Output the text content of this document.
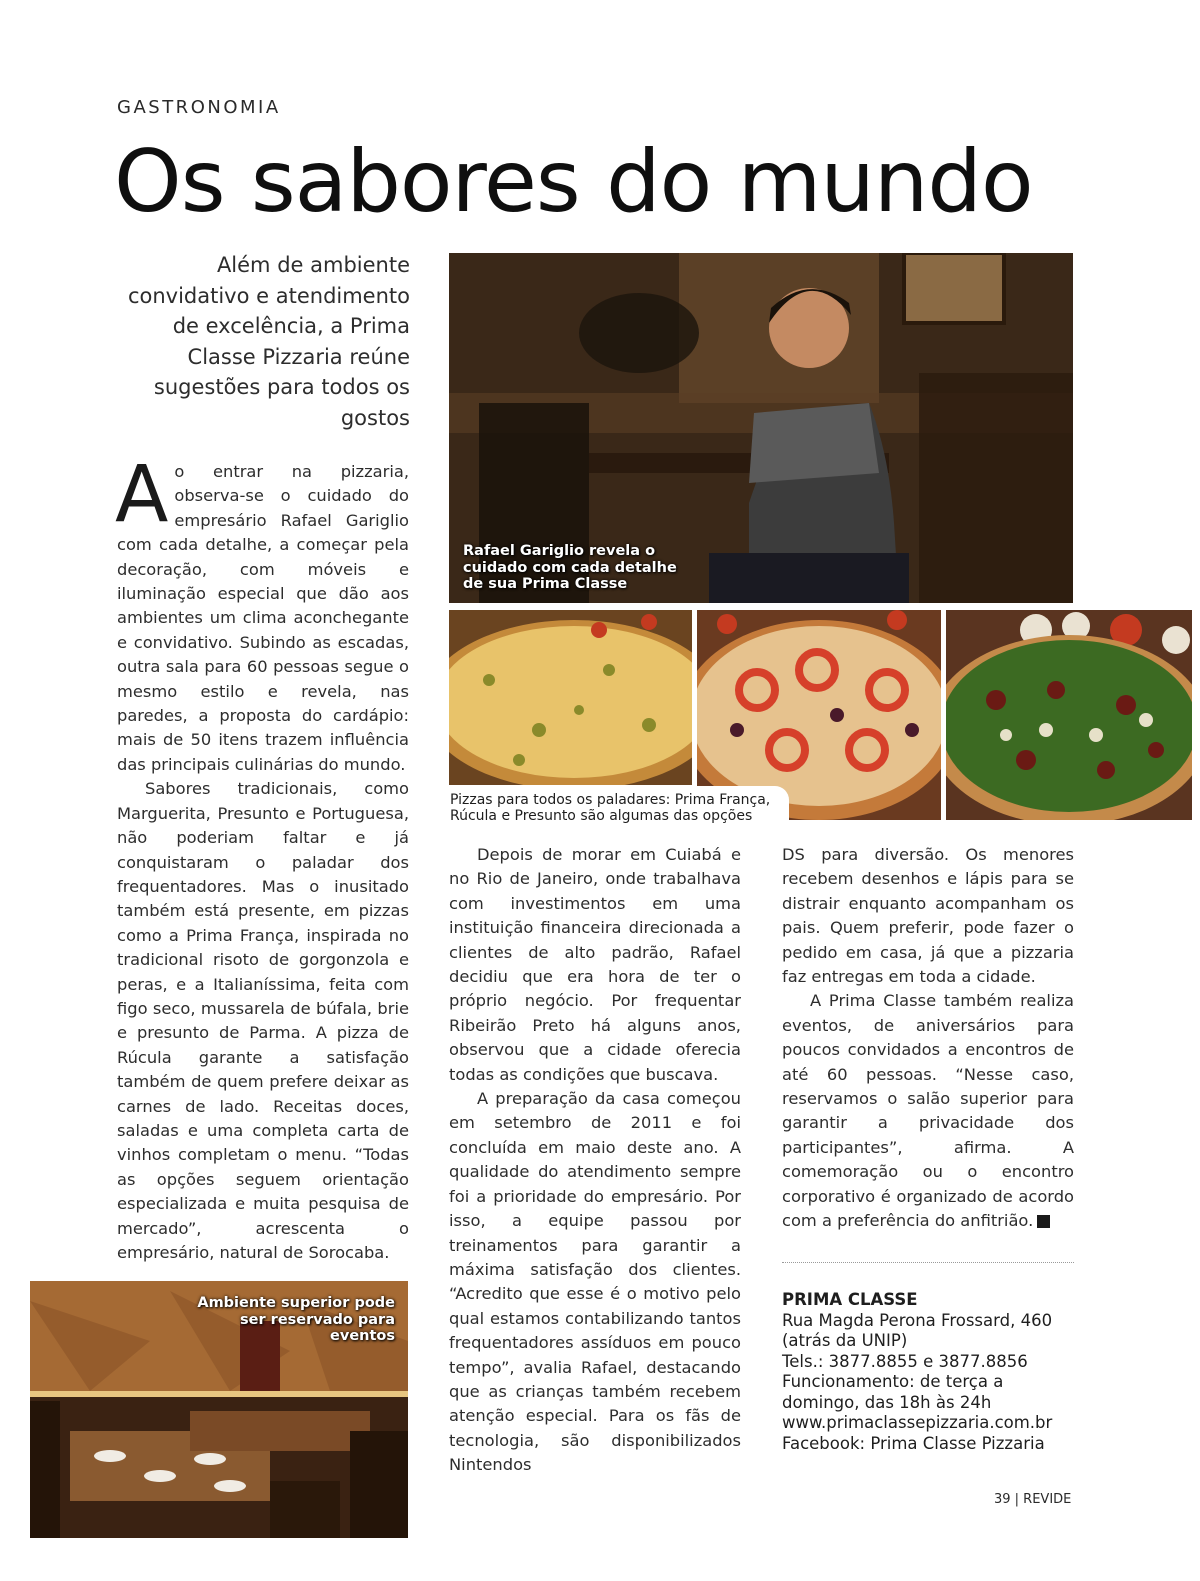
GASTRONOMIA
Os sabores do mundo
Além de ambiente convidativo e atendimento de excelência, a Prima Classe Pizzaria reúne sugestões para todos os gostos

Ao entrar na pizzaria, observa-se o cuidado do empresário Rafael Gariglio com cada detalhe, a começar pela decoração, com móveis e iluminação especial que dão aos ambientes um clima aconchegante e convidativo. Subindo as escadas, outra sala para 60 pessoas segue o mesmo estilo e revela, nas paredes, a proposta do cardápio: mais de 50 itens trazem influência das principais culinárias do mundo.

Sabores tradicionais, como Marguerita, Presunto e Portuguesa, não poderiam faltar e já conquistaram o paladar dos frequentadores. Mas o inusitado também está presente, em pizzas como a Prima França, inspirada no tradicional risoto de gorgonzola e peras, e a Italianíssima, feita com figo seco, mussarela de búfala, brie e presunto de Parma. A pizza de Rúcula garante a satisfação também de quem prefere deixar as carnes de lado. Receitas doces, saladas e uma completa carta de vinhos completam o menu. “Todas as opções seguem orientação especializada e muita pesquisa de mercado”, acrescenta o empresário, natural de Sorocaba.

Depois de morar em Cuiabá e no Rio de Janeiro, onde trabalhava com investimentos em uma instituição financeira direcionada a clientes de alto padrão, Rafael decidiu que era hora de ter o próprio negócio. Por frequentar Ribeirão Preto há alguns anos, observou que a cidade oferecia todas as condições que buscava.

A preparação da casa começou em setembro de 2011 e foi concluída em maio deste ano. A qualidade do atendimento sempre foi a prioridade do empresário. Por isso, a equipe passou por treinamentos para garantir a máxima satisfação dos clientes. “Acredito que esse é o motivo pelo qual estamos contabilizando tantos frequentadores assíduos em pouco tempo”, avalia Rafael, destacando que as crianças também recebem atenção especial. Para os fãs de tecnologia, são disponibilizados Nintendos

DS para diversão. Os menores recebem desenhos e lápis para se distrair enquanto acompanham os pais. Quem preferir, pode fazer o pedido em casa, já que a pizzaria faz entregas em toda a cidade.

A Prima Classe também realiza eventos, de aniversários para poucos convidados a encontros de até 60 pessoas. “Nesse caso, reservamos o salão superior para garantir a privacidade dos participantes”, afirma. A comemoração ou o encontro corporativo é organizado de acordo com a preferência do anfitrião.	r

Rafael Gariglio revela o cuidado com cada detalhe de sua Prima Classe
Pizzas para todos os paladares: Prima França, Rúcula e Presunto são algumas das opções
Ambiente superior pode ser reservado para eventos
PRIMA CLASSE
Rua Magda Perona Frossard, 460
(atrás da UNIP)
Tels.: 3877.8855 e 3877.8856
Funcionamento: de terça a
domingo, das 18h às 24h
www.primaclassepizzaria.com.br
Facebook: Prima Classe Pizzaria
39 | REVIDE
